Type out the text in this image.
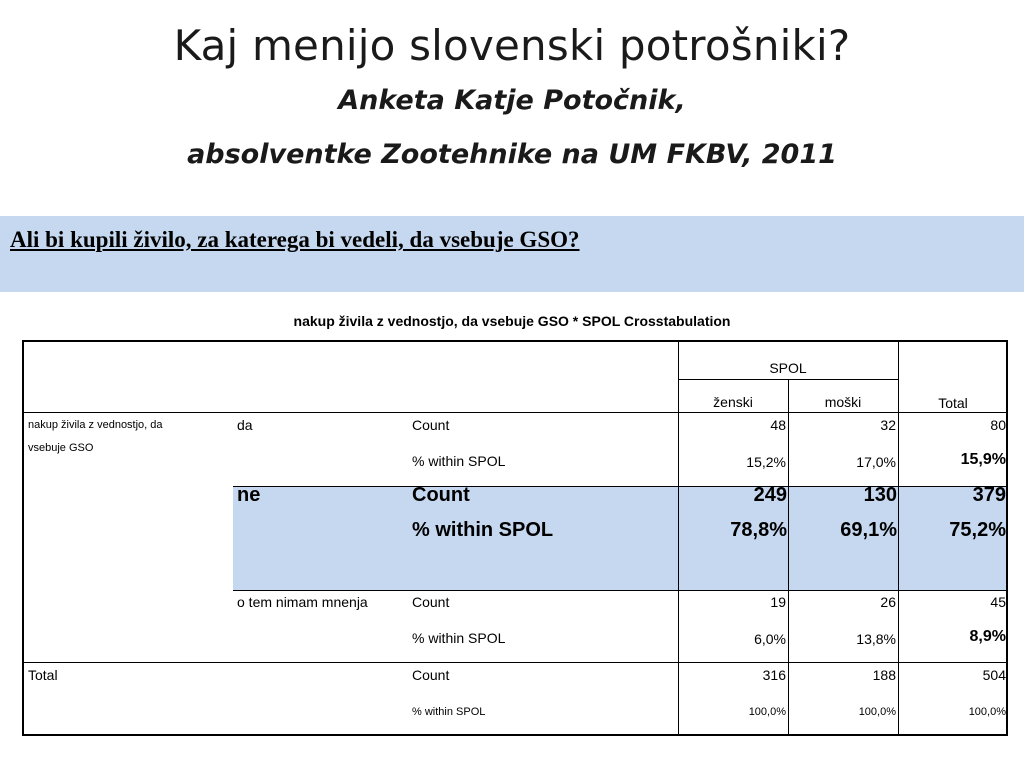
Kaj menijo slovenski potrošniki?
Anketa Katje Potočnik,
absolventke Zootehnike na UM FKBV, 2011
Ali bi kupili živilo, za katerega bi vedeli, da vsebuje GSO?
nakup živila z vednostjo, da vsebuje GSO * SPOL Crosstabulation
SPOL
ženski	moški	Total
nakup živila z vednostjo, da
vsebuje GSO
da	Count	48	32	80
% within SPOL	15,2%	17,0%	15,9%
ne	Count	249	130	379
% within SPOL	78,8%	69,1%	75,2%
o tem nimam mnenja	Count	19	26	45
% within SPOL	6,0%	13,8%	8,9%
Total	Count	316	188	504
% within SPOL	100,0%	100,0%	100,0%
